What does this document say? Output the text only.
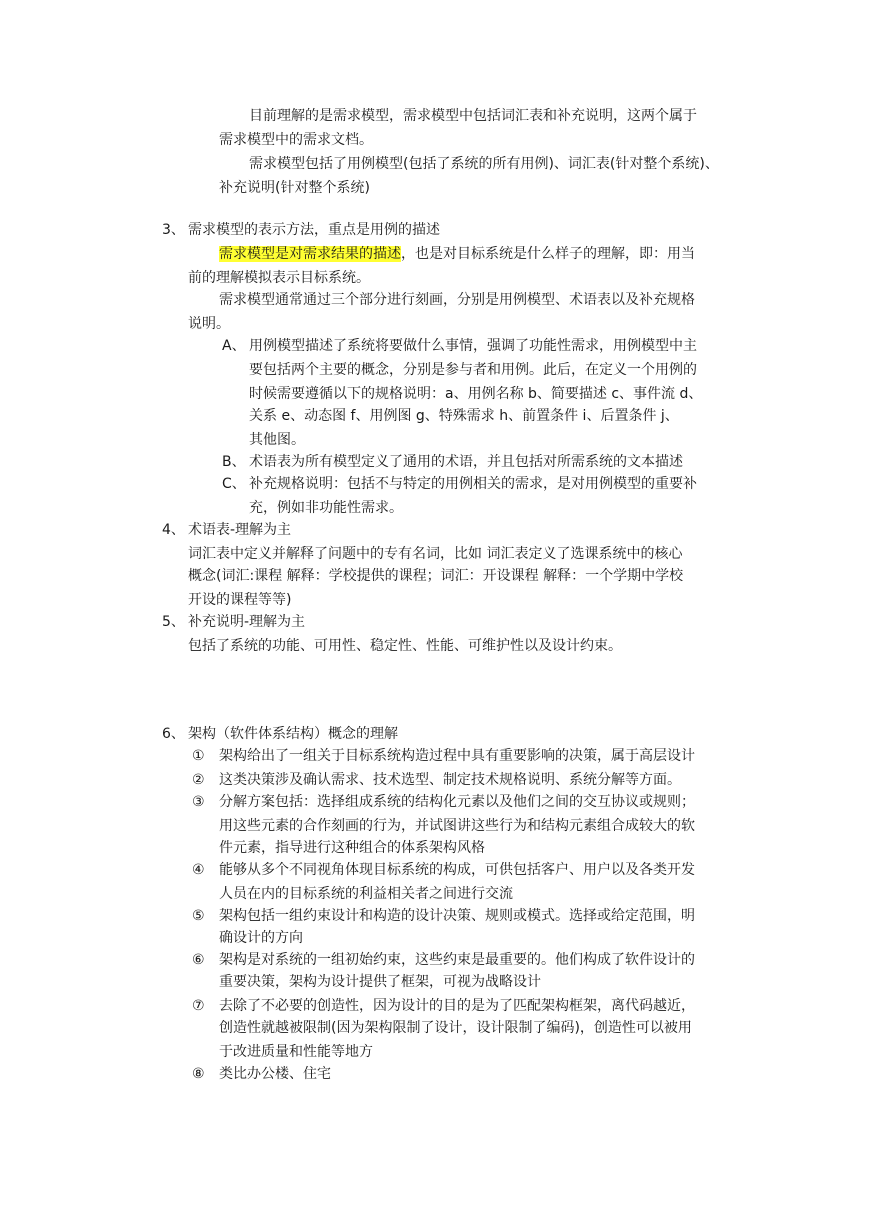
目前理解的是需求模型，需求模型中包括词汇表和补充说明，这两个属于
需求模型中的需求文档。
需求模型包括了用例模型(包括了系统的所有用例)、词汇表(针对整个系统)、
补充说明(针对整个系统)
3、 需求模型的表示方法，重点是用例的描述
需求模型是对需求结果的描述，也是对目标系统是什么样子的理解，即：用当
前的理解模拟表示目标系统。
需求模型通常通过三个部分进行刻画，分别是用例模型、术语表以及补充规格
说明。
A、 用例模型描述了系统将要做什么事情，强调了功能性需求，用例模型中主
要包括两个主要的概念，分别是参与者和用例。此后，在定义一个用例的
时候需要遵循以下的规格说明：a、用例名称 b、简要描述 c、事件流 d、
关系 e、动态图 f、用例图 g、特殊需求 h、前置条件 i、后置条件 j、
其他图。
B、 术语表为所有模型定义了通用的术语，并且包括对所需系统的文本描述
C、 补充规格说明：包括不与特定的用例相关的需求，是对用例模型的重要补
充，例如非功能性需求。
4、 术语表-理解为主
词汇表中定义并解释了问题中的专有名词，比如 词汇表定义了选课系统中的核心
概念(词汇:课程 解释：学校提供的课程；词汇：开设课程 解释：一个学期中学校
开设的课程等等)
5、 补充说明-理解为主
包括了系统的功能、可用性、稳定性、性能、可维护性以及设计约束。
6、 架构（软件体系结构）概念的理解
① 架构给出了一组关于目标系统构造过程中具有重要影响的决策，属于高层设计
② 这类决策涉及确认需求、技术选型、制定技术规格说明、系统分解等方面。
③ 分解方案包括：选择组成系统的结构化元素以及他们之间的交互协议或规则；
用这些元素的合作刻画的行为，并试图讲这些行为和结构元素组合成较大的软
件元素，指导进行这种组合的体系架构风格
④ 能够从多个不同视角体现目标系统的构成，可供包括客户、用户以及各类开发
人员在内的目标系统的利益相关者之间进行交流
⑤ 架构包括一组约束设计和构造的设计决策、规则或模式。选择或给定范围，明
确设计的方向
⑥ 架构是对系统的一组初始约束，这些约束是最重要的。他们构成了软件设计的
重要决策，架构为设计提供了框架，可视为战略设计
⑦ 去除了不必要的创造性，因为设计的目的是为了匹配架构框架，离代码越近，
创造性就越被限制(因为架构限制了设计，设计限制了编码)，创造性可以被用
于改进质量和性能等地方
⑧ 类比办公楼、住宅
